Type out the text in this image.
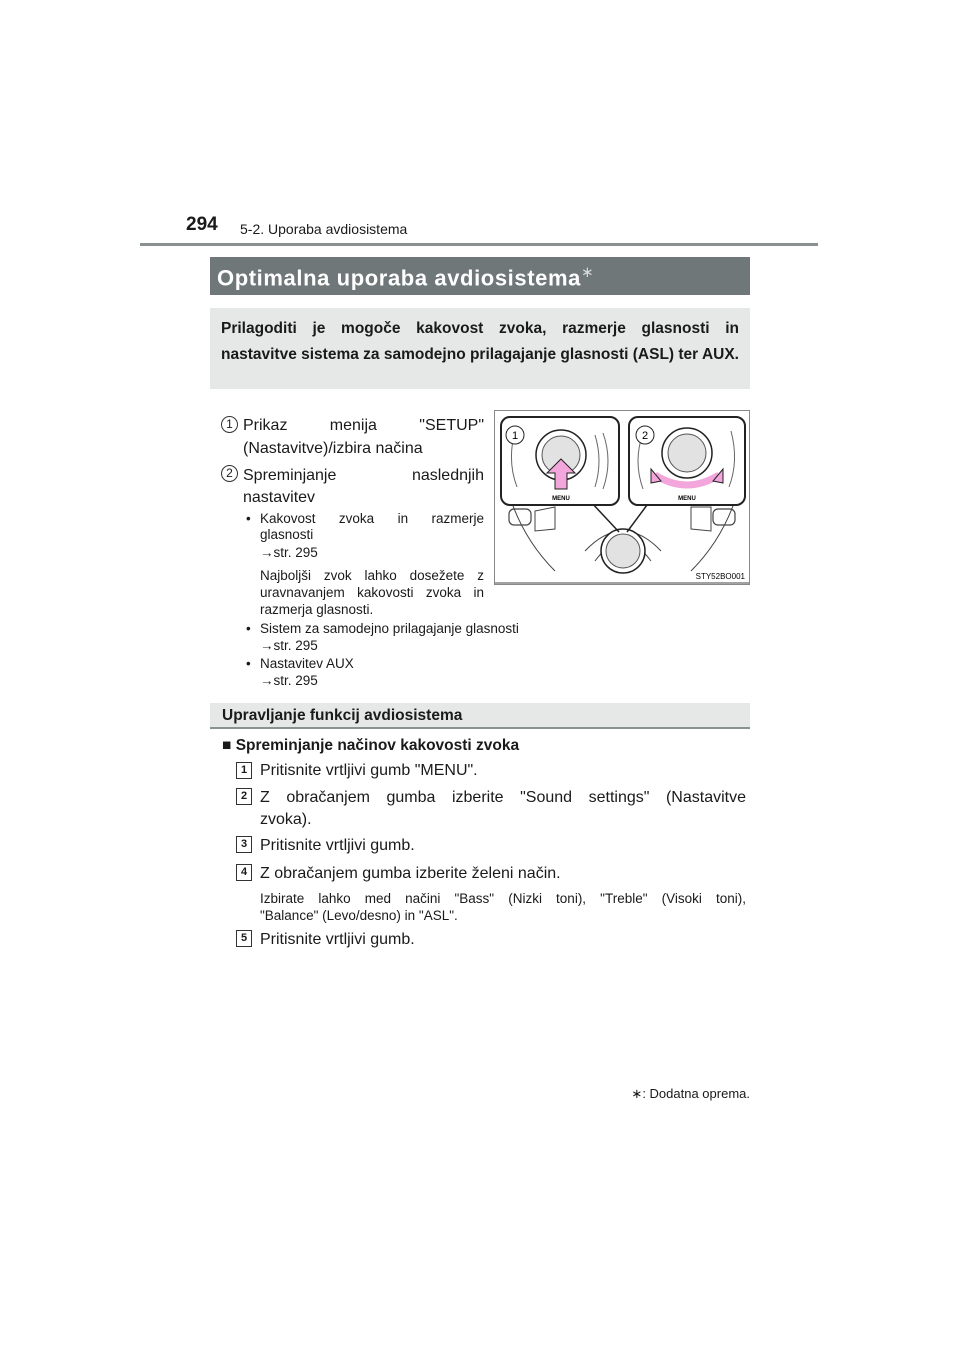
294 5-2. Uporaba avdiosistema
Optimalna uporaba avdiosistema∗
Prilagoditi je mogoče kakovost zvoka, razmerje glasnosti in nastavitve sistema za samodejno prilagajanje glasnosti (ASL) ter AUX.
1 Prikaz menija "SETUP"
(Nastavitve)/izbira načina
2 Spreminjanje naslednjih
nastavitev
• Kakovost zvoka in razmerje
glasnosti
→str. 295
Najboljši zvok lahko dosežete z
uravnavanjem kakovosti zvoka in
razmerja glasnosti.
• Sistem za samodejno prilagajanje glasnosti
→str. 295
• Nastavitev AUX
→str. 295
1	2
MENU	MENU
STY52BO001
Upravljanje funkcij avdiosistema
■ Spreminjanje načinov kakovosti zvoka
1 Pritisnite vrtljivi gumb "MENU".
2 Z obračanjem gumba izberite "Sound settings" (Nastavitve
zvoka).
3 Pritisnite vrtljivi gumb.
4 Z obračanjem gumba izberite želeni način.
Izbirate lahko med načini "Bass" (Nizki toni), "Treble" (Visoki toni),
"Balance" (Levo/desno) in "ASL".
5 Pritisnite vrtljivi gumb.
∗: Dodatna oprema.
